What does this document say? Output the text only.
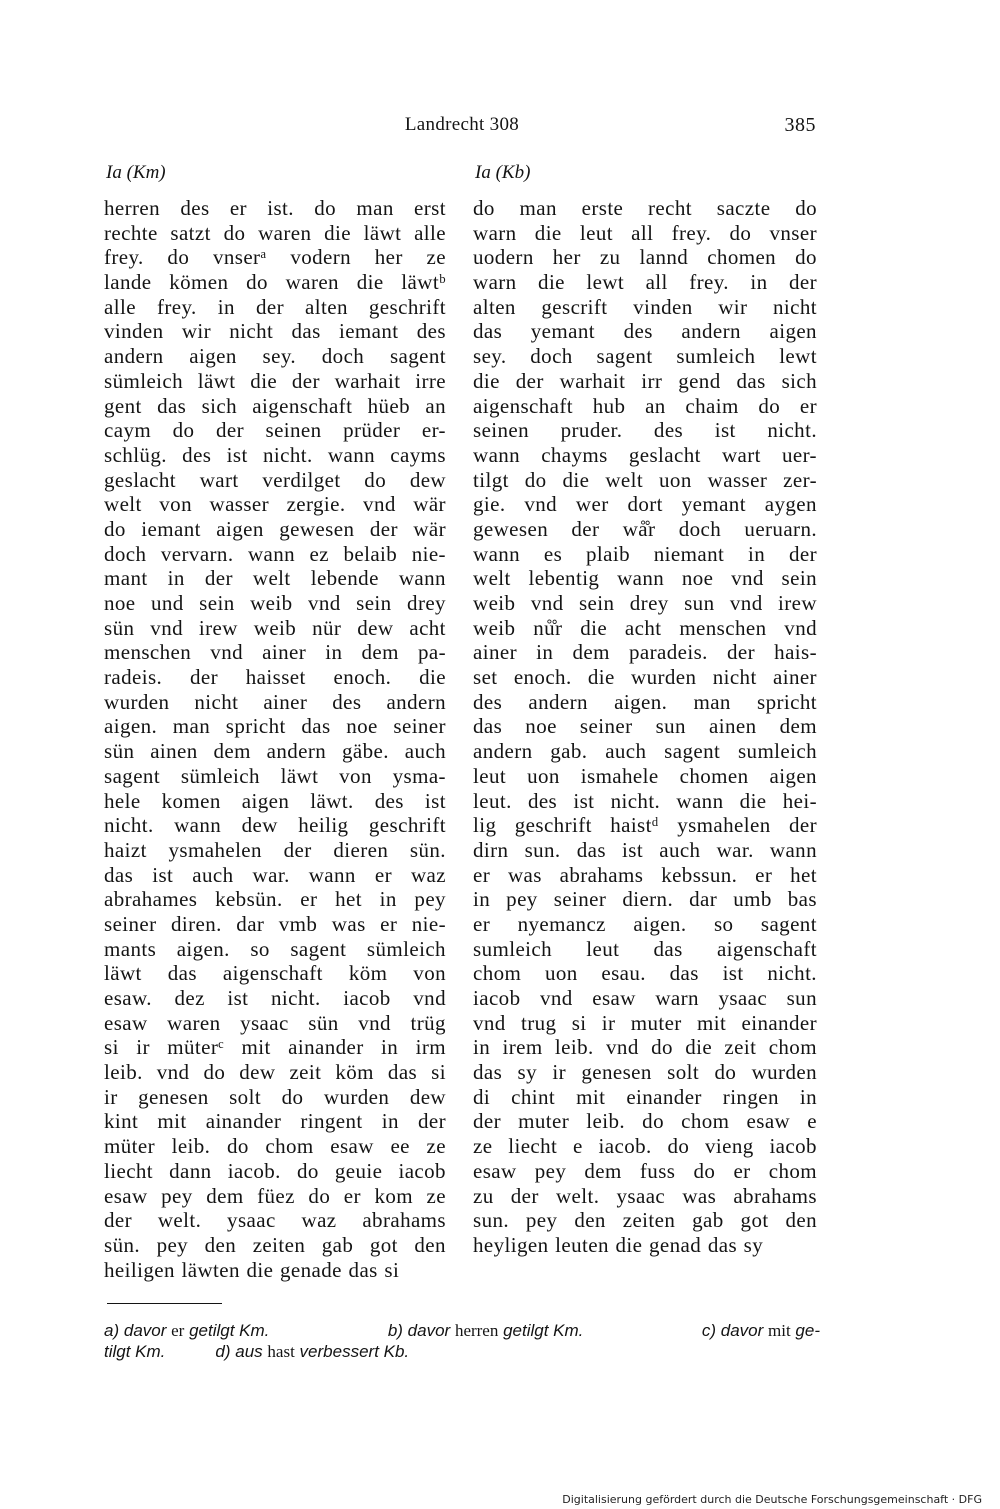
Landrecht 308	385
Ia (Km)
herren des er ist. do man erst
rechte satzt do waren die läwt alle
frey. do vnserᵃ vodern her ze
lande kömen do waren die läwtᵇ
alle frey. in der alten geschrift
vinden wir nicht das iemant des
andern aigen sey. doch sagent
sümleich läwt die der warhait irre
gent das sich aigenschaft hüeb an
caym do der seinen prüder er-
schlüg. des ist nicht. wann cayms
geslacht wart verdilget do dew
welt von wasser zergie. vnd wär
do iemant aigen gewesen der wär
doch vervarn. wann ez belaib nie-
mant in der welt lebende wann
noe und sein weib vnd sein drey
sün vnd irew weib nür dew acht
menschen vnd ainer in dem pa-
radeis. der haisset enoch. die
wurden nicht ainer des andern
aigen. man spricht das noe seiner
sün ainen dem andern gäbe. auch
sagent sümleich läwt von ysma-
hele komen aigen läwt. des ist
nicht. wann dew heilig geschrift
haizt ysmahelen der dieren sün.
das ist auch war. wann er waz
abrahames kebsün. er het in pey
seiner diren. dar vmb was er nie-
mants aigen. so sagent sümleich
läwt das aigenschaft köm von
esaw. dez ist nicht. iacob vnd
esaw waren ysaac sün vnd trüg
si ir müterᶜ mit ainander in irm
leib. vnd do dew zeit köm das si
ir genesen solt do wurden dew
kint mit ainander ringent in der
müter leib. do chom esaw ee ze
liecht dann iacob. do geuie iacob
esaw pey dem füez do er kom ze
der welt. ysaac waz abrahams
sün. pey den zeiten gab got den
heiligen läwten die genade das si
Ia (Kb)
do man erste recht saczte do
warn die leut all frey. do vnser
uodern her zu lannd chomen do
warn die lewt all frey. in der
alten gescrift vinden wir nicht
das yemant des andern aigen
sey. doch sagent sumleich lewt
die der warhait irr gend das sich
aigenschaft hub an chaim do er
seinen pruder. des ist nicht.
wann chayms geslacht wart uer-
tilgt do die welt uon wasser zer-
gie. vnd wer dort yemant aygen
gewesen der wå̊r doch ueruarn.
wann es plaib niemant in der
welt lebentig wann noe vnd sein
weib vnd sein drey sun vnd irew
weib nů̊r die acht menschen vnd
ainer in dem paradeis. der hais-
set enoch. die wurden nicht ainer
des andern aigen. man spricht
das noe seiner sun ainen dem
andern gab. auch sagent sumleich
leut uon ismahele chomen aigen
leut. des ist nicht. wann die hei-
lig geschrift haistᵈ ysmahelen der
dirn sun. das ist auch war. wann
er was abrahams kebssun. er het
in pey seiner diern. dar umb bas
er nyemancz aigen. so sagent
sumleich leut das aigenschaft
chom uon esau. das ist nicht.
iacob vnd esaw warn ysaac sun
vnd trug si ir muter mit einander
in irem leib. vnd do die zeit chom
das sy ir genesen solt do wurden
di chint mit einander ringen in
der muter leib. do chom esaw e
ze liecht e iacob. do vieng iacob
esaw pey dem fuss do er chom
zu der welt. ysaac was abrahams
sun. pey den zeiten gab got den
heyligen leuten die genad das sy
a) davor er getilgt Km.	b) davor herren getilgt Km.	c) davor mit ge-
tilgt Km.	d) aus hast verbessert Kb.
Digitalisierung gefördert durch die Deutsche Forschungsgemeinschaft · DFG
